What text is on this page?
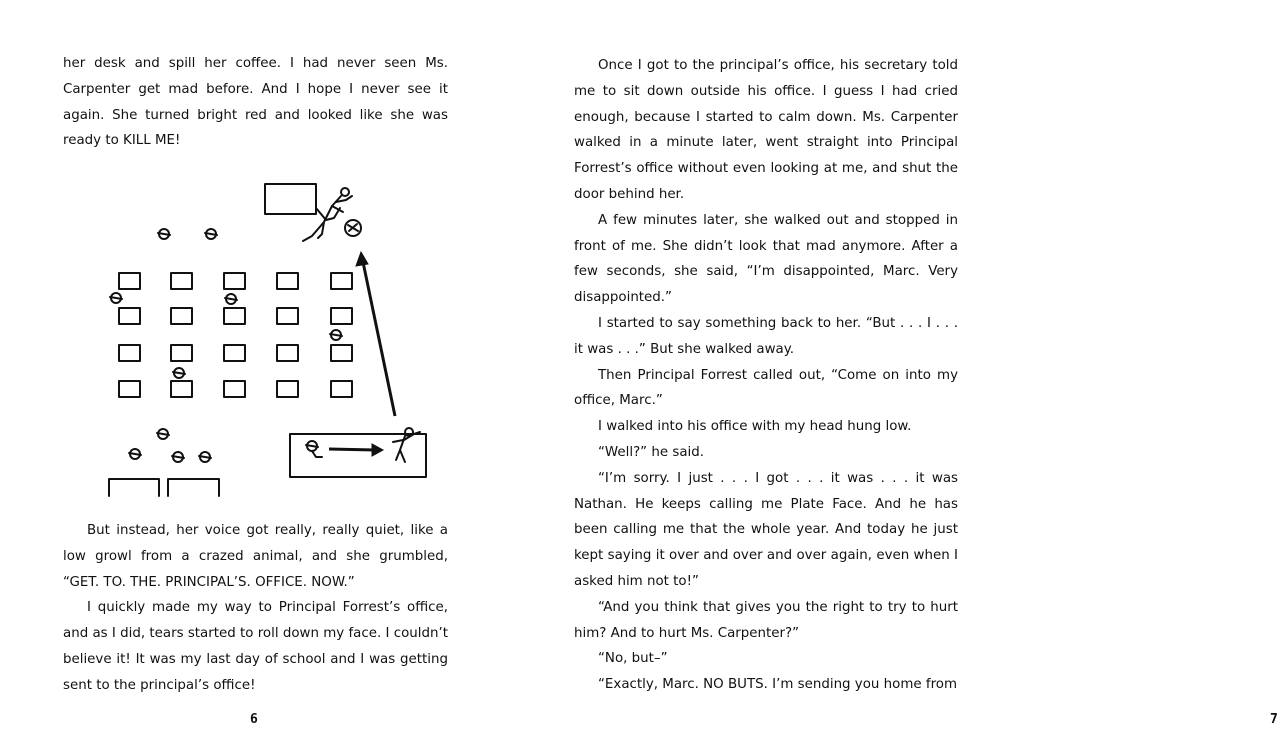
her desk and spill her coffee. I had never seen Ms. Carpenter get mad before. And I hope I never see it again. She turned bright red and looked like she was ready to KILL ME!

But instead, her voice got really, really quiet, like a low growl from a crazed animal, and she grumbled, “GET. TO. THE. PRINCIPAL’S. OFFICE. NOW.”

I quickly made my way to Principal Forrest’s office, and as I did, tears started to roll down my face. I couldn’t believe it! It was my last day of school and I was getting sent to the principal’s office!

6

Once I got to the principal’s office, his secretary told me to sit down outside his office. I guess I had cried enough, because I started to calm down. Ms. Carpenter walked in a minute later, went straight into Principal Forrest’s office without even looking at me, and shut the door behind her.

A few minutes later, she walked out and stopped in front of me. She didn’t look that mad anymore. After a few seconds, she said, “I’m disappointed, Marc. Very disappointed.”

I started to say something back to her. “But . . . I . . . it was . . .” But she walked away.

Then Principal Forrest called out, “Come on into my office, Marc.”

I walked into his office with my head hung low.

“Well?” he said.

“I’m sorry. I just . . . I got . . . it was . . . it was Nathan. He keeps calling me Plate Face. And he has been calling me that the whole year. And today he just kept saying it over and over and over again, even when I asked him not to!”

“And you think that gives you the right to try to hurt him? And to hurt Ms. Carpenter?”

“No, but–”

“Exactly, Marc. NO BUTS. I’m sending you home from

7
